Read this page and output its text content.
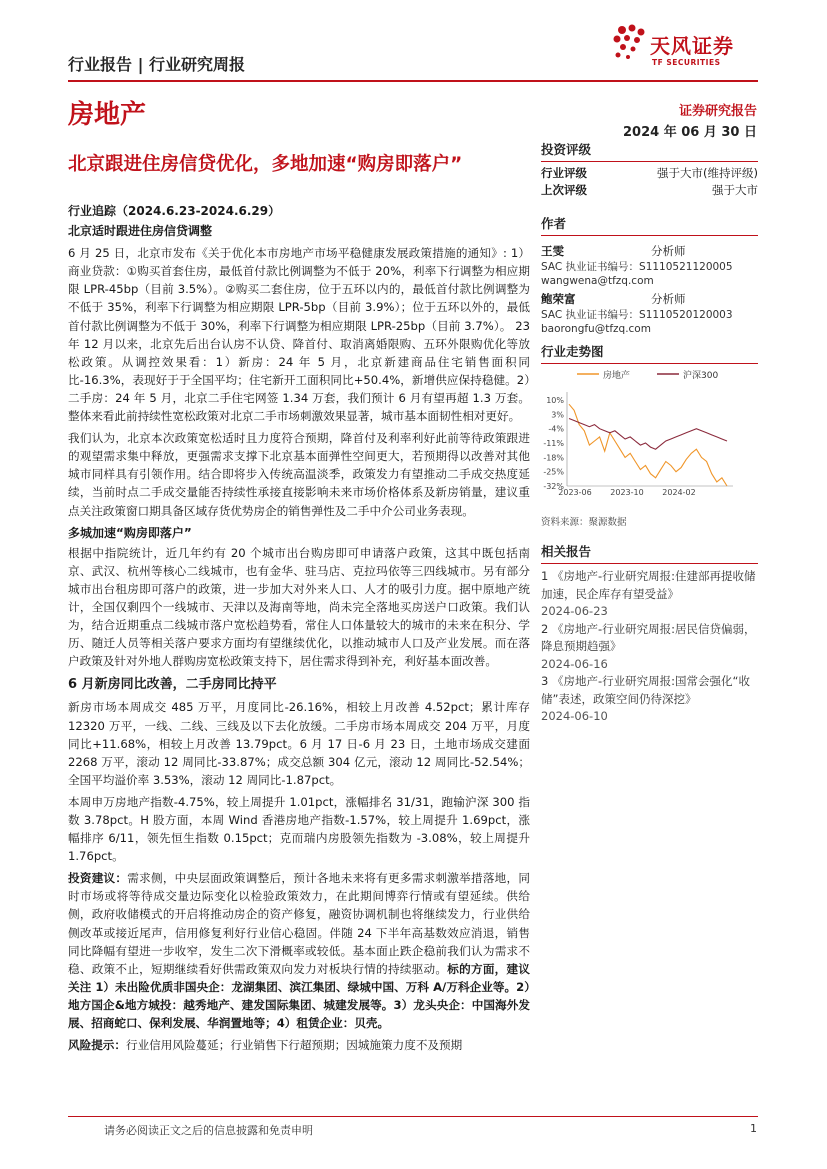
行业报告 | 行业研究周报
天风证券
TF SECURITIES
房地产	证券研究报告
2024 年 06 月 30 日
北京跟进住房信贷优化，多地加速“购房即落户”

行业追踪（2024.6.23-2024.6.29）

北京适时跟进住房信贷调整

6 月 25 日，北京市发布《关于优化本市房地产市场平稳健康发展政策措施的通知》: 1）商业贷款：①购买首套住房，最低首付款比例调整为不低于 20%，利率下行调整为相应期限 LPR-45bp（目前 3.5%）。②购买二套住房，位于五环以内的，最低首付款比例调整为不低于 35%，利率下行调整为相应期限 LPR-5bp（目前 3.9%）；位于五环以外的，最低首付款比例调整为不低于 30%，利率下行调整为相应期限 LPR-25bp（目前 3.7%）。 23 年 12 月以来，北京先后出台认房不认贷、降首付、取消离婚限购、五环外限购优化等放松政策。从调控效果看：1）新房：24 年 5 月，北京新建商品住宅销售面积同比-16.3%，表现好于于全国平均；住宅新开工面积同比+50.4%，新增供应保持稳健。2）二手房：24 年 5 月，北京二手住宅网签 1.34 万套，我们预计 6 月有望再超 1.3 万套。整体来看此前持续性宽松政策对北京二手市场刺激效果显著，城市基本面韧性相对更好。

我们认为，北京本次政策宽松适时且力度符合预期，降首付及利率利好此前等待政策跟进的观望需求集中释放，更强需求支撑下北京基本面弹性空间更大，若预期得以改善对其他城市同样具有引领作用。结合即将步入传统高温淡季，政策发力有望推动二手成交热度延续，当前时点二手成交量能否持续性承接直接影响未来市场价格体系及新房销量，建议重点关注政策窗口期具备区域存货优势房企的销售弹性及二手中介公司业务表现。

多城加速“购房即落户”

根据中指院统计，近几年约有 20 个城市出台购房即可申请落户政策，这其中既包括南京、武汉、杭州等核心二线城市，也有金华、驻马店、克拉玛依等三四线城市。另有部分城市出台租房即可落户的政策，进一步加大对外来人口、人才的吸引力度。据中原地产统计，全国仅剩四个一线城市、天津以及海南等地，尚未完全落地买房送户口政策。我们认为，结合近期重点二线城市落户宽松趋势看，常住人口体量较大的城市的未来在积分、学历、随迁人员等相关落户要求方面均有望继续优化，以推动城市人口及产业发展。而在落户政策及针对外地人群购房宽松政策支持下，居住需求得到补充，利好基本面改善。

6 月新房同比改善，二手房同比持平

新房市场本周成交 485 万平，月度同比-26.16%，相较上月改善 4.52pct；累计库存 12320 万平，一线、二线、三线及以下去化放缓。二手房市场本周成交 204 万平，月度同比+11.68%，相较上月改善 13.79pct。6 月 17 日-6 月 23 日，土地市场成交建面 2268 万平，滚动 12 周同比-33.87%；成交总额 304 亿元，滚动 12 周同比-52.54%；全国平均溢价率 3.53%，滚动 12 周同比-1.87pct。

本周申万房地产指数-4.75%，较上周提升 1.01pct，涨幅排名 31/31，跑输沪深 300 指数 3.78pct。H 股方面，本周 Wind 香港房地产指数-1.57%，较上周提升 1.69pct，涨幅排序 6/11，领先恒生指数 0.15pct；克而瑞内房股领先指数为 -3.08%，较上周提升 1.76pct。

投资建议：需求侧，中央层面政策调整后，预计各地未来将有更多需求刺激举措落地，同时市场或将等待成交量边际变化以检验政策效力，在此期间博弈行情或有望延续。供给侧，政府收储模式的开启将推动房企的资产修复，融资协调机制也将继续发力，行业供给侧改革或接近尾声，信用修复利好行业信心稳固。伴随 24 下半年高基数效应消退，销售同比降幅有望进一步收窄，发生二次下滑概率或较低。基本面止跌企稳前我们认为需求不稳、政策不止，短期继续看好供需政策双向发力对板块行情的持续驱动。标的方面，建议关注 1）未出险优质非国央企：龙湖集团、滨江集团、绿城中国、万科 A/万科企业等。2）地方国企&地方城投：越秀地产、建发国际集团、城建发展等。3）龙头央企：中国海外发展、招商蛇口、保利发展、华润置地等；4）租赁企业：贝壳。

风险提示：行业信用风险蔓延；行业销售下行超预期；因城施策力度不及预期

投资评级
行业评级	强于大市(维持评级)
上次评级	强于大市
作者
王雯	分析师
SAC 执业证书编号：S1110521120005
wangwena@tfzq.com
鲍荣富	分析师
SAC 执业证书编号：S1110520120003
baorongfu@tfzq.com
行业走势图
房地产	沪深300
10%
3%
-4%
-11%
-18%
-25%
-32%
2023-06 2023-10 2024-02
资料来源：聚源数据
相关报告

1 《房地产-行业研究周报:住建部再提收储加速，民企库存有望受益》

2024-06-23

2 《房地产-行业研究周报:居民信贷偏弱，降息预期趋强》

2024-06-16

3 《房地产-行业研究周报:国常会强化“收储”表述，政策空间仍待深挖》

2024-06-10

请务必阅读正文之后的信息披露和免责申明	1
